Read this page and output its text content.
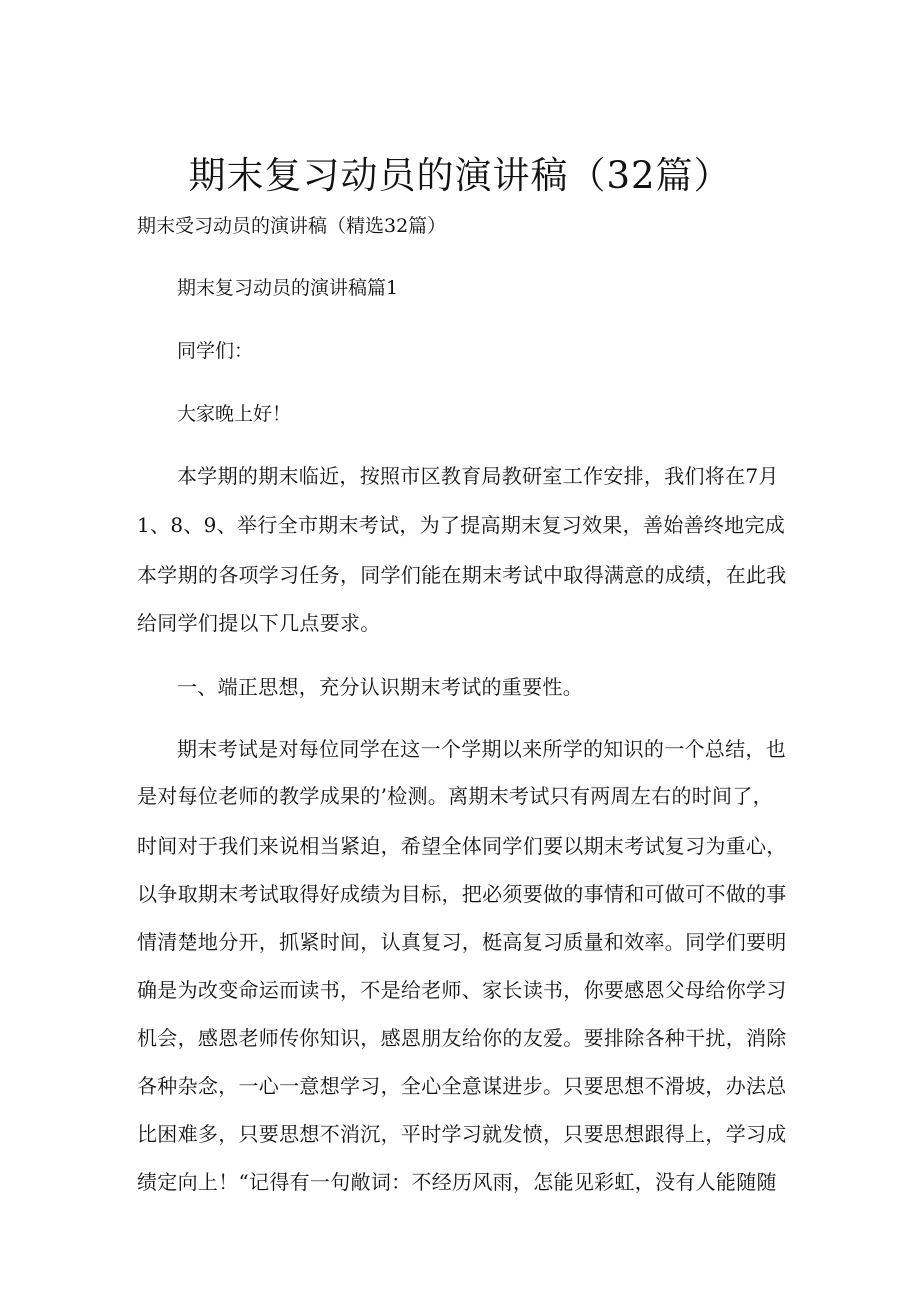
期末复习动员的演讲稿（32篇）
期末受习动员的演讲稿（精选32篇）
期末复习动员的演讲稿篇1
同学们：
大家晚上好！
本学期的期末临近，按照市区教育局教研室工作安排，我们将在7月
1、8、9、举行全市期末考试，为了提高期末复习效果，善始善终地完成
本学期的各项学习任务，同学们能在期末考试中取得满意的成绩，在此我
给同学们提以下几点要求。
一、端正思想，充分认识期末考试的重要性。
期末考试是对每位同学在这一个学期以来所学的知识的一个总结，也
是对每位老师的教学成果的’检测。离期末考试只有两周左右的时间了，
时间对于我们来说相当紧迫，希望全体同学们要以期末考试复习为重心，
以争取期末考试取得好成绩为目标，把必须要做的事情和可做可不做的事
情清楚地分开，抓紧时间，认真复习，梃高复习质量和效率。同学们要明
确是为改变命运而读书，不是给老师、家长读书，你要感恩父母给你学习
机会，感恩老师传你知识，感恩朋友给你的友爱。要排除各种干扰，消除
各种杂念，一心一意想学习，全心全意谋进步。只要思想不滑坡，办法总
比困难多，只要思想不消沉，平时学习就发愤，只要思想跟得上，学习成
绩定向上！“记得有一句敞词：不经历风雨，怎能见彩虹，没有人能随随
